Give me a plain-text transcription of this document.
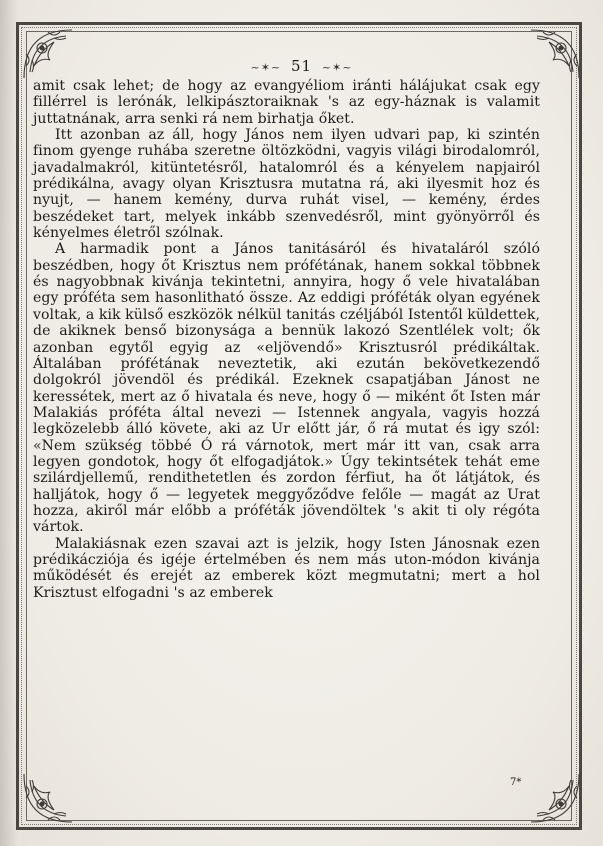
~✶~ 51 ~✶~

amit csak lehet; de hogy az evangyéliom iránti hálájukat csak egy fillérrel is lerónák, lelkipásztoraiknak 's az egy-háznak is valamit juttatnának, arra senki rá nem birhatja őket.

Itt azonban az áll, hogy János nem ilyen udvari pap, ki szintén finom gyenge ruhába szeretne öltözködni, vagyis világi birodalomról, javadalmakról, kitüntetésről, hatalomról és a kényelem napjairól prédikálna, avagy olyan Krisztusra mutatna rá, aki ilyesmit hoz és nyujt, — hanem kemény, durva ruhát visel, — kemény, érdes beszédeket tart, melyek inkább szenvedésről, mint gyönyörről és kényelmes életről szólnak.

A harmadik pont a János tanitásáról és hivataláról szóló beszédben, hogy őt Krisztus nem prófétának, hanem sokkal többnek és nagyobbnak kivánja tekintetni, annyira, hogy ő vele hivatalában egy próféta sem hasonlitható össze. Az eddigi próféták olyan egyének voltak, a kik külső eszközök nélkül tanitás czéljából Istentől küldettek, de akiknek benső bizonysága a bennük lakozó Szentlélek volt; ők azonban egytől egyig az «eljövendő» Krisztusról prédikáltak. Általában prófétának neveztetik, aki ezután bekövetkezendő dolgokról jövendöl és prédikál. Ezeknek csapatjában Jánost ne keressétek, mert az ő hivatala és neve, hogy ő — miként őt Isten már Malakiás próféta által nevezi — Istennek angyala, vagyis hozzá legközelebb álló követe, aki az Ur előtt jár, ő rá mutat és igy szól: «Nem szükség többé Ó rá várnotok, mert már itt van, csak arra legyen gondotok, hogy őt elfogadjátok.» Úgy tekintsétek tehát eme szilárdjellemű, rendithetetlen és zordon férfiut, ha őt látjátok, és halljátok, hogy ő — legyetek meggyőződve felőle — magát az Urat hozza, akiről már előbb a próféták jövendöltek 's akit ti oly régóta vártok.

Malakiásnak ezen szavai azt is jelzik, hogy Isten Jánosnak ezen prédikácziója és igéje értelmében és nem más uton-módon kivánja működését és erejét az emberek közt megmutatni; mert a hol Krisztust elfogadni 's az emberek

7*
